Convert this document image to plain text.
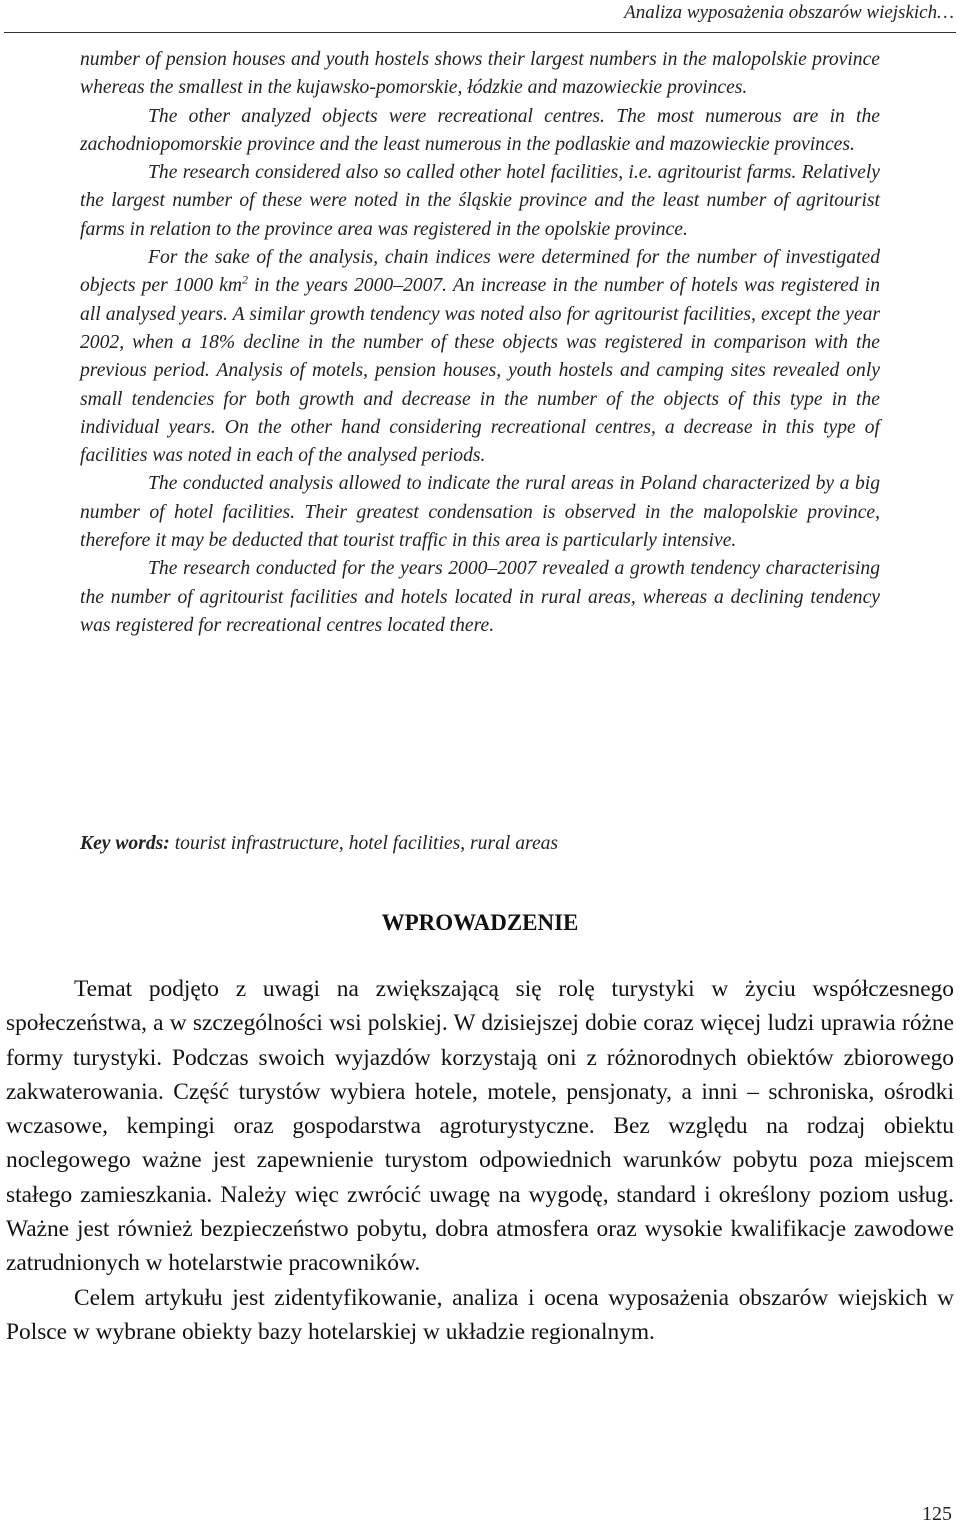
Analiza wyposażenia obszarów wiejskich…

number of pension houses and youth hostels shows their largest numbers in the malopolskie province whereas the smallest in the kujawsko-pomorskie, łódzkie and mazowieckie provinces.

The other analyzed objects were recreational centres. The most numerous are in the zachodniopomorskie province and the least numerous in the podlaskie and mazowieckie provinces.

The research considered also so called other hotel facilities, i.e. agritourist farms. Relatively the largest number of these were noted in the śląskie province and the least number of agritourist farms in relation to the province area was registered in the opolskie province.

For the sake of the analysis, chain indices were determined for the number of investigated objects per 1000 $km^2$ in the years 2000–2007. An increase in the number of hotels was registered in all analysed years. A similar growth tendency was noted also for agritourist facilities, except the year 2002, when a 18% decline in the number of these objects was registered in comparison with the previous period. Analysis of motels, pension houses, youth hostels and camping sites revealed only small tendencies for both growth and decrease in the number of the objects of this type in the individual years. On the other hand considering recreational centres, a decrease in this type of facilities was noted in each of the analysed periods.

The conducted analysis allowed to indicate the rural areas in Poland characterized by a big number of hotel facilities. Their greatest condensation is observed in the malopolskie province, therefore it may be deducted that tourist traffic in this area is particularly intensive.

The research conducted for the years 2000–2007 revealed a growth tendency characterising the number of agritourist facilities and hotels located in rural areas, whereas a declining tendency was registered for recreational centres located there.

Key words: tourist infrastructure, hotel facilities, rural areas
WPROWADZENIE

Temat podjęto z uwagi na zwiększającą się rolę turystyki w życiu współczesnego społeczeństwa, a w szczególności wsi polskiej. W dzisiejszej dobie coraz więcej ludzi uprawia różne formy turystyki. Podczas swoich wyjazdów korzystają oni z różnorodnych obiektów zbiorowego zakwaterowania. Część turystów wybiera hotele, motele, pensjonaty, a inni – schroniska, ośrodki wczasowe, kempingi oraz gospodarstwa agroturystyczne. Bez względu na rodzaj obiektu noclegowego ważne jest zapewnienie turystom odpowiednich warunków pobytu poza miejscem stałego zamieszkania. Należy więc zwrócić uwagę na wygodę, standard i określony poziom usług. Ważne jest również bezpieczeństwo pobytu, dobra atmosfera oraz wysokie kwalifikacje zawodowe zatrudnionych w hotelarstwie pracowników.

Celem artykułu jest zidentyfikowanie, analiza i ocena wyposażenia obszarów wiejskich w Polsce w wybrane obiekty bazy hotelarskiej w układzie regionalnym.

125
